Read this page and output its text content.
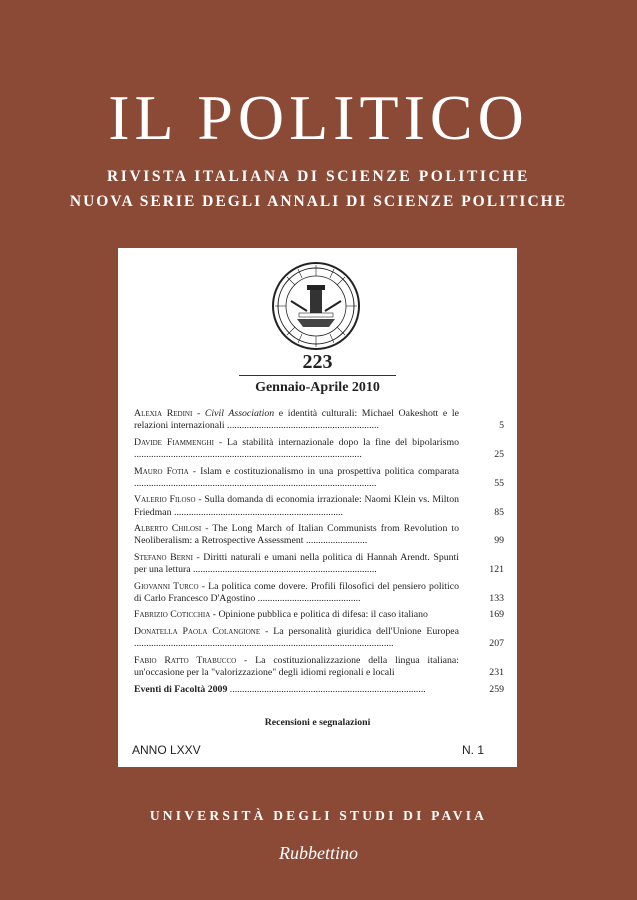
IL POLITICO
RIVISTA ITALIANA DI SCIENZE POLITICHE
NUOVA SERIE DEGLI ANNALI DI SCIENZE POLITICHE
223
Gennaio-Aprile 2010
Alexia Redini - Civil Association e identità culturali: Michael Oakeshott e le relazioni internazionali ..............................................................	5
Davide Fiammenghi - La stabilità internazionale dopo la fine del bipolarismo .............................................................................................	25
Mauro Fotia - Islam e costituzionalismo in una prospettiva politica comparata ...................................................................................................	55
Valerio Filoso - Sulla domanda di economia irrazionale: Naomi Klein vs. Milton Friedman .....................................................................	85
Alberto Chilosi - The Long March of Italian Communists from Revolution to Neoliberalism: a Retrospective Assessment .........................	99
Stefano Berni - Diritti naturali e umani nella politica di Hannah Arendt. Spunti per una lettura ...........................................................................	121
Giovanni Turco - La politica come dovere. Profili filosofici del pensiero politico di Carlo Francesco D'Agostino ..........................................	133
Fabrizio Coticchia - Opinione pubblica e politica di difesa: il caso italiano	169
Donatella Paola Colangione - La personalità giuridica dell'Unione Europea ..........................................................................................................	207
Fabio Ratto Trabucco - La costituzionalizzazione della lingua italiana: un'occasione per la "valorizzazione" degli idiomi regionali e locali	231
Eventi di Facoltà 2009 ................................................................................	259
Recensioni e segnalazioni
ANNO LXXV	N. 1
UNIVERSITÀ DEGLI STUDI DI PAVIA
Rubbettino
